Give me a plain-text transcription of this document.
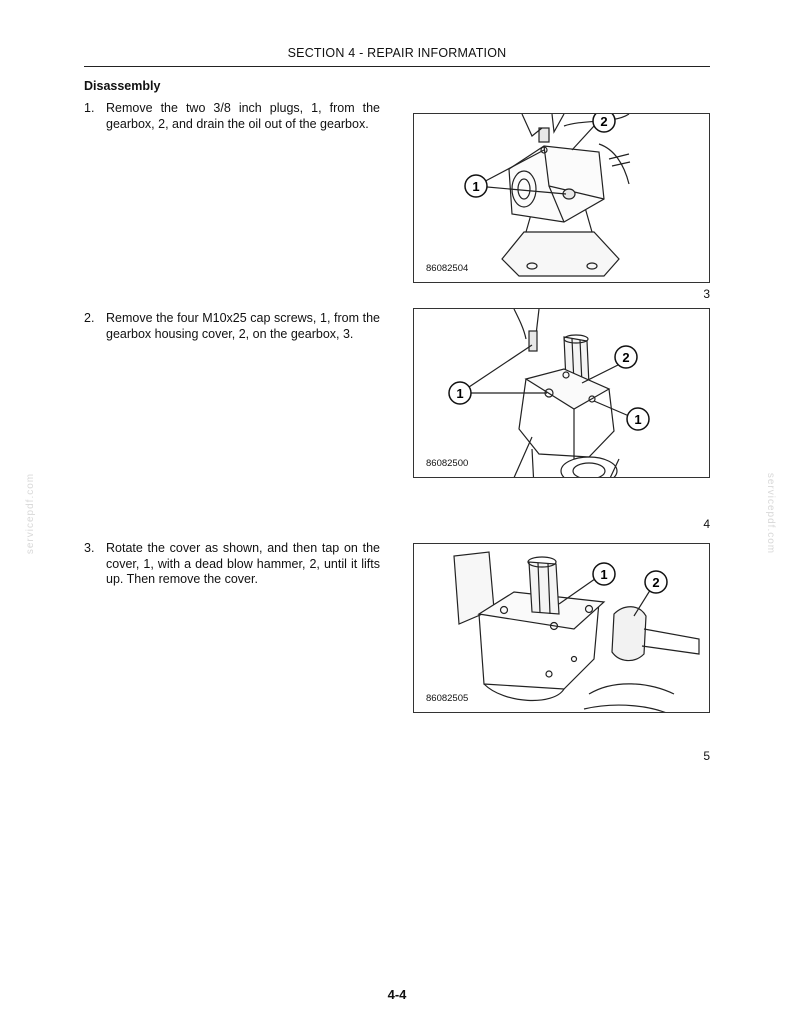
SECTION 4 - REPAIR INFORMATION
Disassembly
1. Remove the two 3/8 inch plugs, 1, from the gearbox, 2, and drain the oil out of the gearbox.
2. Remove the four M10x25 cap screws, 1, from the gearbox housing cover, 2, on the gearbox, 3.
3. Rotate the cover as shown, and then tap on the cover, 1, with a dead blow hammer, 2, until it lifts up. Then remove the cover.
1
2
86082504
3
1
1
2
3
86082500
4
1
2
86082505
5
servicepdf.com	servicepdf.com
4-4
